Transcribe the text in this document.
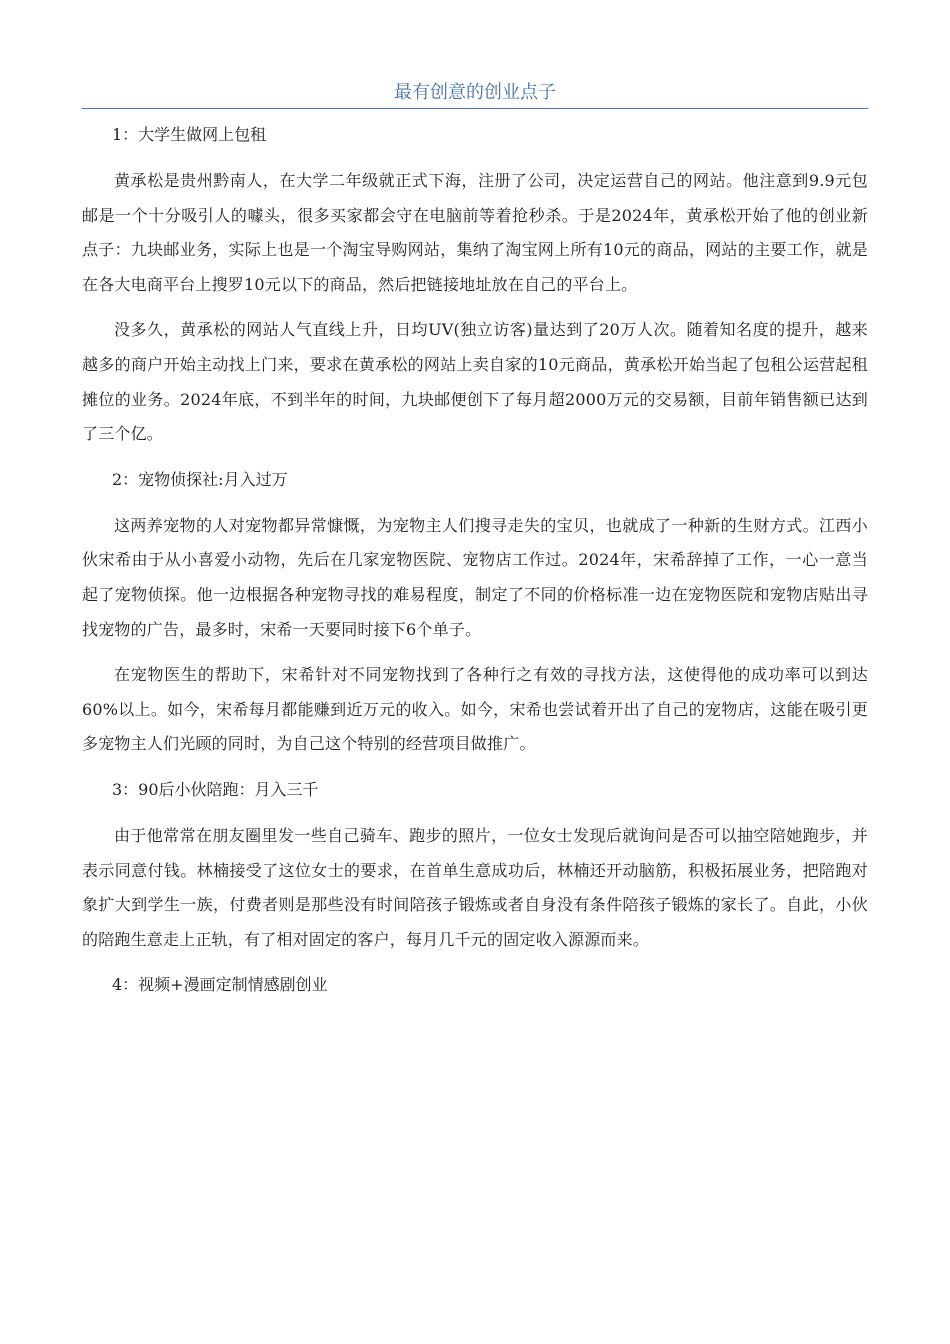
最有创意的创业点子
1：大学生做网上包租

黄承松是贵州黔南人，在大学二年级就正式下海，注册了公司，决定运营自己的网站。他注意到9.9元包邮是一个十分吸引人的噱头，很多买家都会守在电脑前等着抢秒杀。于是2024年，黄承松开始了他的创业新点子：九块邮业务，实际上也是一个淘宝导购网站，集纳了淘宝网上所有10元的商品，网站的主要工作，就是在各大电商平台上搜罗10元以下的商品，然后把链接地址放在自己的平台上。

没多久，黄承松的网站人气直线上升，日均UV(独立访客)量达到了20万人次。随着知名度的提升，越来越多的商户开始主动找上门来，要求在黄承松的网站上卖自家的10元商品，黄承松开始当起了包租公运营起租摊位的业务。2024年底，不到半年的时间，九块邮便创下了每月超2000万元的交易额，目前年销售额已达到了三个亿。

2：宠物侦探社:月入过万

这两养宠物的人对宠物都异常慷慨，为宠物主人们搜寻走失的宝贝，也就成了一种新的生财方式。江西小伙宋希由于从小喜爱小动物，先后在几家宠物医院、宠物店工作过。2024年，宋希辞掉了工作，一心一意当起了宠物侦探。他一边根据各种宠物寻找的难易程度，制定了不同的价格标准一边在宠物医院和宠物店贴出寻找宠物的广告，最多时，宋希一天要同时接下6个单子。

在宠物医生的帮助下，宋希针对不同宠物找到了各种行之有效的寻找方法，这使得他的成功率可以到达60%以上。如今，宋希每月都能赚到近万元的收入。如今，宋希也尝试着开出了自己的宠物店，这能在吸引更多宠物主人们光顾的同时，为自己这个特别的经营项目做推广。

3：90后小伙陪跑：月入三千

由于他常常在朋友圈里发一些自己骑车、跑步的照片，一位女士发现后就询问是否可以抽空陪她跑步，并表示同意付钱。林楠接受了这位女士的要求，在首单生意成功后，林楠还开动脑筋，积极拓展业务，把陪跑对象扩大到学生一族，付费者则是那些没有时间陪孩子锻炼或者自身没有条件陪孩子锻炼的家长了。自此，小伙的陪跑生意走上正轨，有了相对固定的客户，每月几千元的固定收入源源而来。

4：视频+漫画定制情感剧创业
